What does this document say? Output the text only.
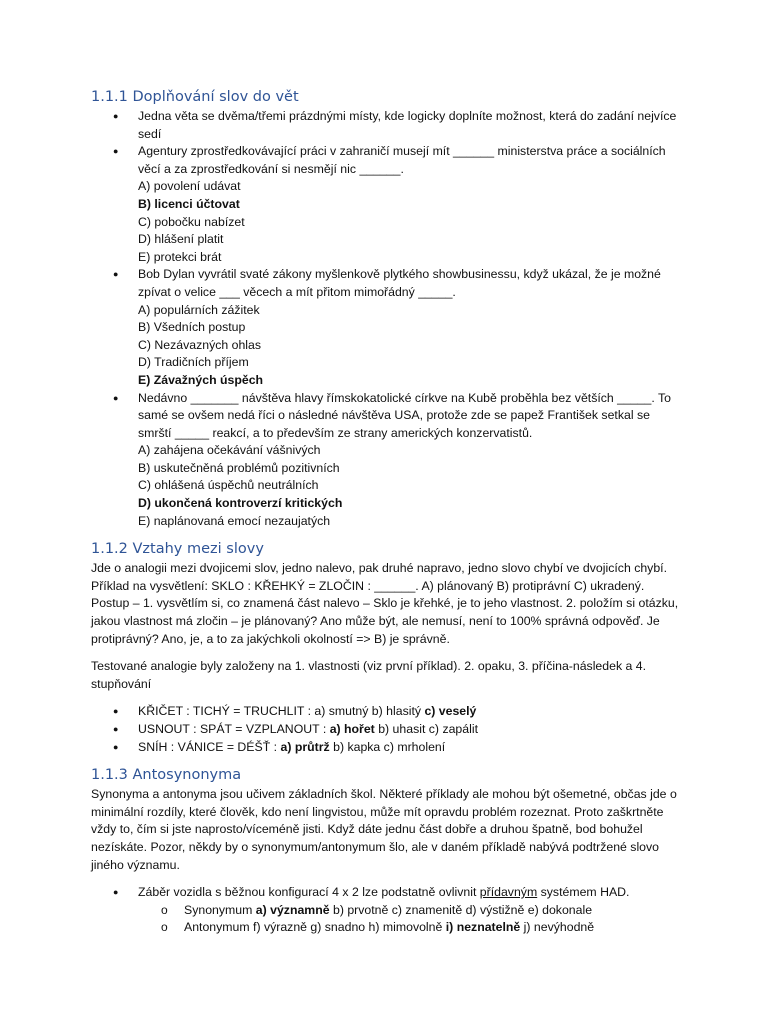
1.1.1 Doplňování slov do vět
● Jedna věta se dvěma/třemi prázdnými místy, kde logicky doplníte možnost, která do zadání nejvíce sedí
● Agentury zprostředkovávající práci v zahraničí musejí mít ______ ministerstva práce a sociálních věcí a za zprostředkování si nesmějí nic ______.
A) povolení udávat
B) licenci účtovat
C) pobočku nabízet
D) hlášení platit
E) protekci brát
● Bob Dylan vyvrátil svaté zákony myšlenkově plytkého showbusinessu, když ukázal, že je možné zpívat o velice ___ věcech a mít přitom mimořádný _____.
A) populárních zážitek
B) Všedních postup
C) Nezávazných ohlas
D) Tradičních příjem
E) Závažných úspěch
● Nedávno _______ návštěva hlavy římskokatolické církve na Kubě proběhla bez větších _____. To samé se ovšem nedá říci o následné návštěva USA, protože zde se papež František setkal se smrští _____ reakcí, a to především ze strany amerických konzervatistů.
A) zahájena očekávání vášnivých
B) uskutečněná problémů pozitivních
C) ohlášená úspěchů neutrálních
D) ukončená kontroverzí kritických
E) naplánovaná emocí nezaujatých
1.1.2 Vztahy mezi slovy

Jde o analogii mezi dvojicemi slov, jedno nalevo, pak druhé napravo, jedno slovo chybí ve dvojicích chybí. Příklad na vysvětlení: SKLO : KŘEHKÝ = ZLOČIN : ______. A) plánovaný B) protiprávní C) ukradený. Postup – 1. vysvětlím si, co znamená část nalevo – Sklo je křehké, je to jeho vlastnost. 2. položím si otázku, jakou vlastnost má zločin – je plánovaný? Ano může být, ale nemusí, není to 100% správná odpověď. Je protiprávný? Ano, je, a to za jakýchkoli okolností => B) je správně.

Testované analogie byly založeny na 1. vlastnosti (viz první příklad). 2. opaku, 3. příčina-následek a 4. stupňování

● KŘIČET : TICHÝ = TRUCHLIT : a) smutný b) hlasitý c) veselý
● USNOUT : SPÁT = VZPLANOUT : a) hořet b) uhasit c) zapálit
● SNÍH : VÁNICE = DÉŠŤ : a) průtrž b) kapka c) mrholení
1.1.3 Antosynonyma

Synonyma a antonyma jsou učivem základních škol. Některé příklady ale mohou být ošemetné, občas jde o minimální rozdíly, které člověk, kdo není lingvistou, může mít opravdu problém rozeznat. Proto zaškrtněte vždy to, čím si jste naprosto/víceméně jisti. Když dáte jednu část dobře a druhou špatně, bod bohužel nezískáte. Pozor, někdy by o synonymum/antonymum šlo, ale v daném příkladě nabývá podtržené slovo jiného významu.

● Záběr vozidla s běžnou konfigurací 4 x 2 lze podstatně ovlivnit přídavným systémem HAD.
o Synonymum a) významně b) prvotně c) znamenitě d) výstižně e) dokonale
o Antonymum f) výrazně g) snadno h) mimovolně i) neznatelně j) nevýhodně
